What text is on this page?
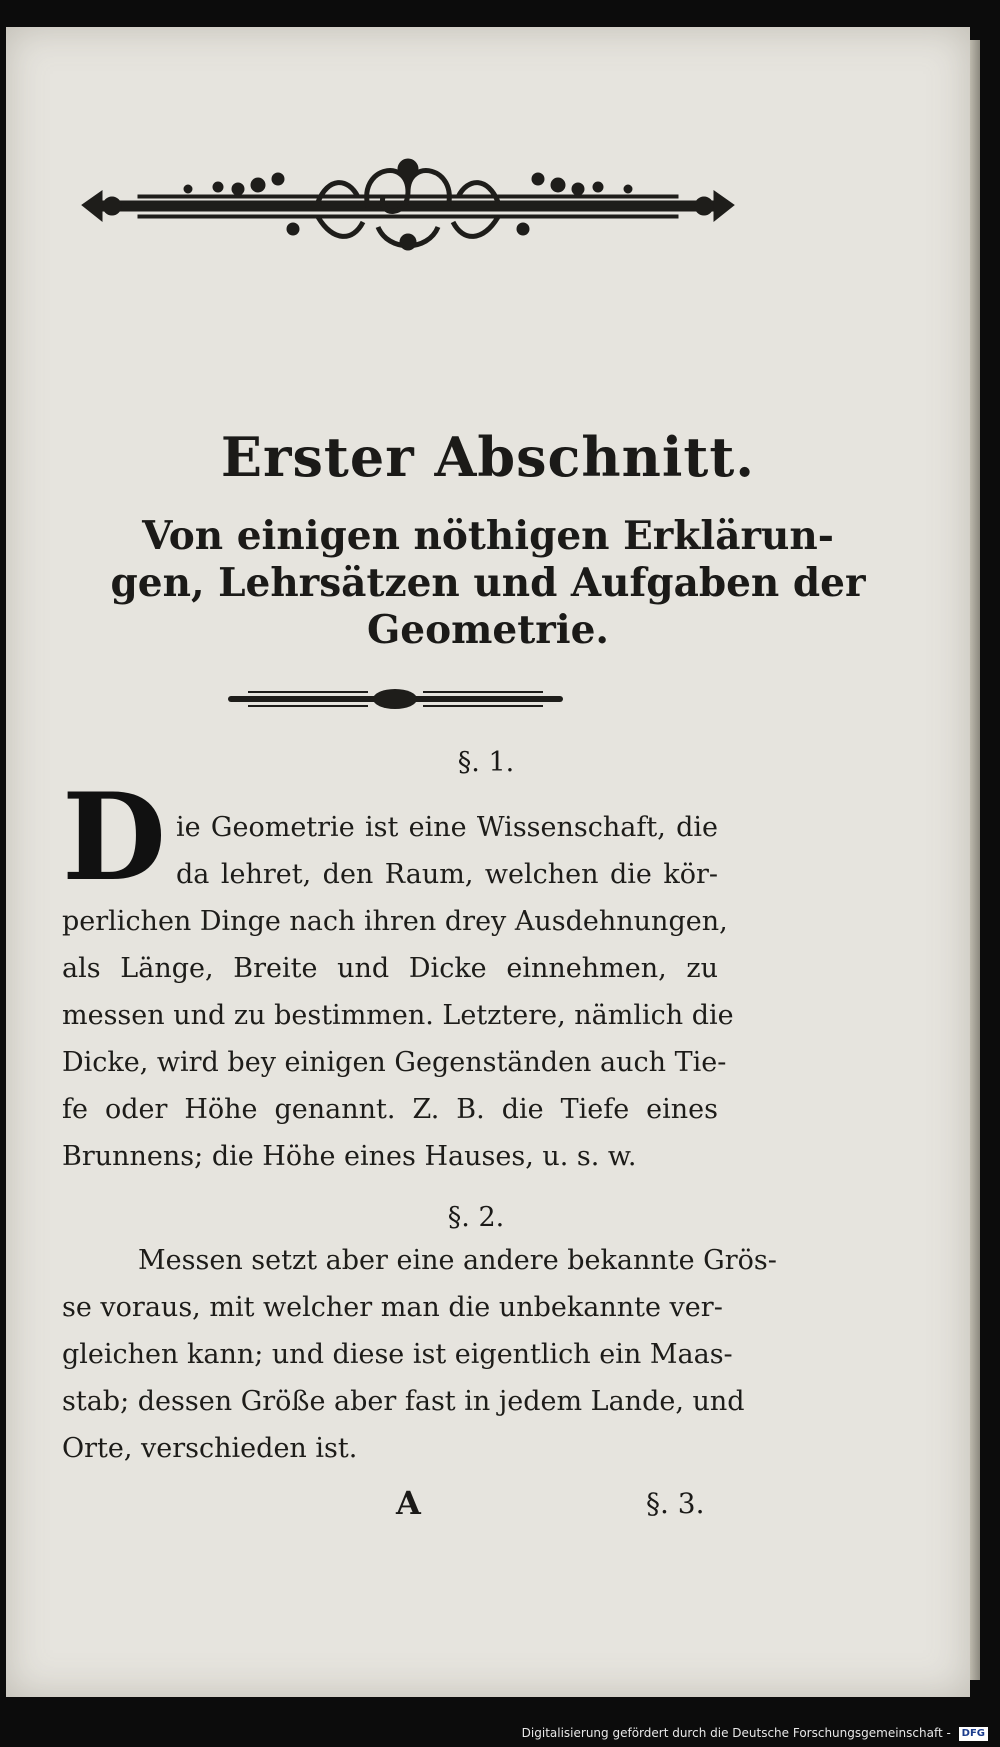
Erster Abschnitt.
Von einigen nöthigen Erklärun-
gen, Lehrsätzen und Aufgaben der
Geometrie.

§. 1.

D ie Geometrie ist eine Wissenschaft, die
da lehret, den Raum, welchen die kör-
perlichen Dinge nach ihren drey Ausdehnungen,
als Länge, Breite und Dicke einnehmen, zu
messen und zu bestimmen. Letztere, nämlich die
Dicke, wird bey einigen Gegenständen auch Tie-
fe oder Höhe genannt. Z. B. die Tiefe eines
Brunnens; die Höhe eines Hauses, u. s. w.

§. 2.

Messen setzt aber eine andere bekannte Grös-
se voraus, mit welcher man die unbekannte ver-
gleichen kann; und diese ist eigentlich ein Maas-
stab; dessen Größe aber fast in jedem Lande, und
Orte, verschieden ist.
A	§. 3.
Digitalisierung gefördert durch die Deutsche Forschungsgemeinschaft - DFG
